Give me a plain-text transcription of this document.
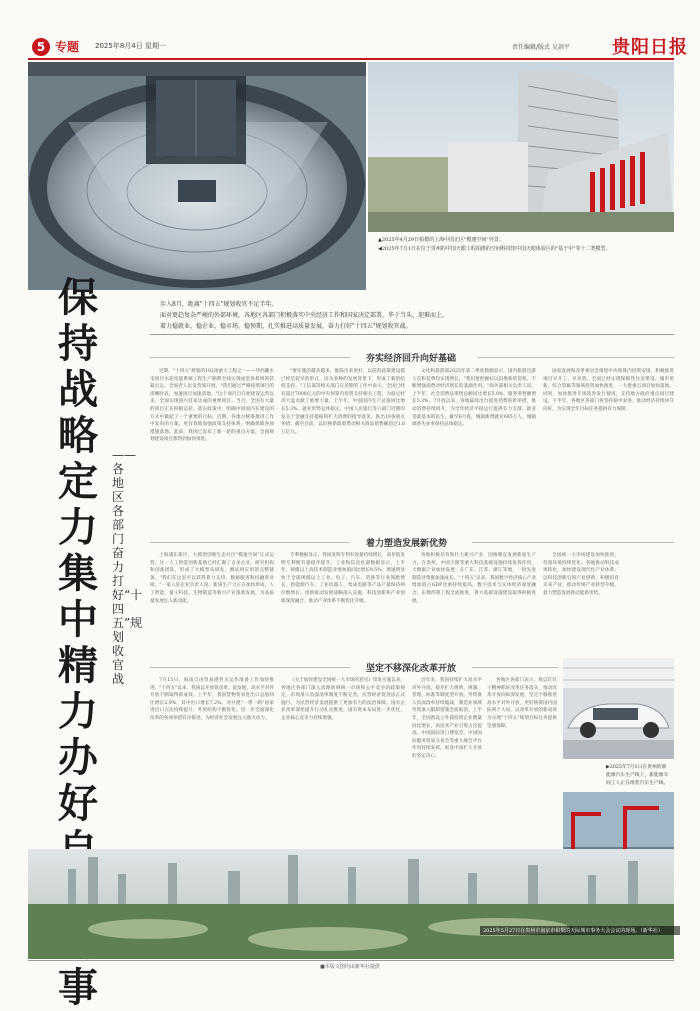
5 专题 2025年8月4日 星期一	责任编辑/版式 吴剑平 贵阳日报
▲2025年4月29日拍摄的上海中国正区"模速空间"外景。
◀2025年7月1日在位于贵州的中国天眼工程拍摄的空间科技馆中国天眼体验区的"基于中"等十二类模型。
保持战略定力 集中精力办好 事
——各地区各部门奋力打好“十四五”规划收官战
步入8月，距离"十四五"规划收官不足半年。
面对更趋复杂严峻的外部环境，各地区各部门积极落实中央经济工作和国家决定部署，毕于当头、迎难而上，
着力稳就业、稳企业、稳市场、稳预期，扎实推进高质量发展，奋力打好"十四五"规划收官战。
夯实经济回升向好基础
近期，"十四五"规划的102项重大工程之一——华西藏水电项目水泥电能系统工程生产顺利全线实现成套各机组的装箱出运。全国老人民发营领开展。"我们通过严格按照项目的清晰时表，加速项目加速落地。"这个项目自开始建设运营以来，全面实现国内首家达成的重要项目。当月，全国有大量的项目正在积极运转。落实政策中，明确中国国内在建设的方式中做起了一个重要的目标。近期，各地方统筹推进工作中发布的方案，更有效地加强政策支持体系，明确保障各项措施落地。此前，我国已发布了新一轮的重点方案，全国规划建设项目都得到加快推进。
"要实施的越来越多，推陈出来更好，以前的政策建设都已经是较早的形式，因为多种的发展背景下，形成了新的结构支持。"工信部等相关部门在近期的工作中表示，全国已经有超过7000亿元的中央预算内投资支持相关工程，为稳定经济大盘贡献了重要力量。上半年，中国国内生产总值同比增长5.3%，就业形势总体稳定。中国人民银行等六部门近期印发关于金融支持提振和扩大消费的指导意见，推出19条重点举措。截至目前，以旧换新政策带动相关商品销售额超过1.6万亿元。
文化和旅游部2025年第二季度数据显示，国内旅游出游人次和花费均实现增长。"我们要把握好以旧换新的契机，不断增强消费对经济增长的基础作用。"商务部相关负责人说。上半年，社会消费品零售总额同比增长5.0%，服务零售额增长5.3%。7月底以来，各地陆续出台促进消费的新举措，推动消费持续回升，为全年经济平稳运行提供有力支撑。就业是最基本的民生。截至6月底，城镇新增就业695万人，城镇调查失业率保持总体稳定。
国家发展和改革委员会推进中央预算内投资安排，积极推进项目早开工、早见效。全国已经实现保障性住房建设、城市更新、综合管廊等领域投资加快推进，一大批重点项目加快落地。同时，加快推进专项债券发行使用，支持地方政府重点项目建设。下半年，各地区各部门将坚持稳中求进，推动经济持续回升向好，为实现全年目标任务提供有力保障。
着力塑造发展新优势
上海浦东新区，大模型创新生态社区"模速空间"正式运营。这一人工智能创新基地已经汇聚了众多企业、研究机构和创新团队，形成了大模型从研发、测试到应用的完整链条。"我们在这里可以获得算力支持、数据服务和投融资对接。"一家入驻企业负责人说。新质生产力正在加快形成，人工智能、量子科技、生物制造等新兴产业蓬勃发展，为高质量发展注入新动能。
专利数据显示，我国发明专利有效量持续增长，高价值发明专利拥有量稳步提升。工业和信息化部数据显示，上半年，规模以上高技术制造业增加值同比增长9.5%，增速明显快于全部规模以上工业。电子、汽车、装备等行业领跑增长，新能源汽车、工业机器人、集成电路等产品产量保持两位数增长。创新驱动发展战略深入实施，科技创新和产业创新深度融合，推动产业体系不断优化升级。
各地积极培育和壮大新兴产业，因地制宜发展新质生产力。在贵州，中国天眼等重大科技基础设施持续发挥作用，大数据产业加快发展；在广东、江苏、浙江等地，一批先进制造业集群加速成长。"十四五"以来，我国数字经济核心产业增加值占GDP比重持续提高，数字技术与实体经济深度融合。东数西算工程全面推进，算力基础设施建设取得积极进展。
全国统一大市场建设加快推进，营商环境持续优化。各地推动科技成果转化，加快建设现代化产业体系。以科技创新引领产业创新，积极培育未来产业，推动传统产业转型升级，着力塑造发展新动能新优势。
坚定不移深化改革开放
7月15日，海南自由贸易港封关运作准备工作加快推进。"十四五"以来，我国以开放促改革、促发展，高水平对外开放不断取得新成效。上半年，我国货物贸易进出口总值同比增长2.9%，其中出口增长7.2%。对共建"一带一路"国家进出口占比持续提升，外贸结构不断优化。进一步全面深化改革的各项举措有序推进，为经济社会发展注入强大动力。
《关于加快建设全国统一大市场的意见》印发实施以来，各地区各部门深入清理妨碍统一市场和公平竞争的政策规定，市场准入负面清单制度不断完善。民营经济促进法正式施行，为民营经济发展提供了更加有力的法治保障。国有企业改革深化提升行动扎实推进，国有资本布局进一步优化，企业核心竞争力持续增强。
近年来，我国持续扩大高水平对外开放，稳步扩大规则、规制、管理、标准等制度型开放。外资准入负面清单持续缩减，制造业领域外资准入限制措施全面取消。上半年，全国新设立外商投资企业数量同比增长，高技术产业引资占比提高。中国国际进口博览会、中国国际服务贸易交易会等重大展会平台作用持续发挥，彰显中国扩大开放的坚定决心。
各地区各部门表示，将以钉钉子精神抓好改革任务落实，推动改革开放向纵深发展，坚定不移推进高水平对外开放，更好统筹国内国际两个大局，以改革开放的新成效为实现"十四五"规划目标任务提供坚强保障。
▶2025年7月1日在贵州的新能源汽车生产线上，新能源车间工人正在组装汽车生产线。
2025年5月27日在贵州市南京市拍摄的天际城市事务大会会议的现场。（新华社）
■本版文图均由新华社提供
